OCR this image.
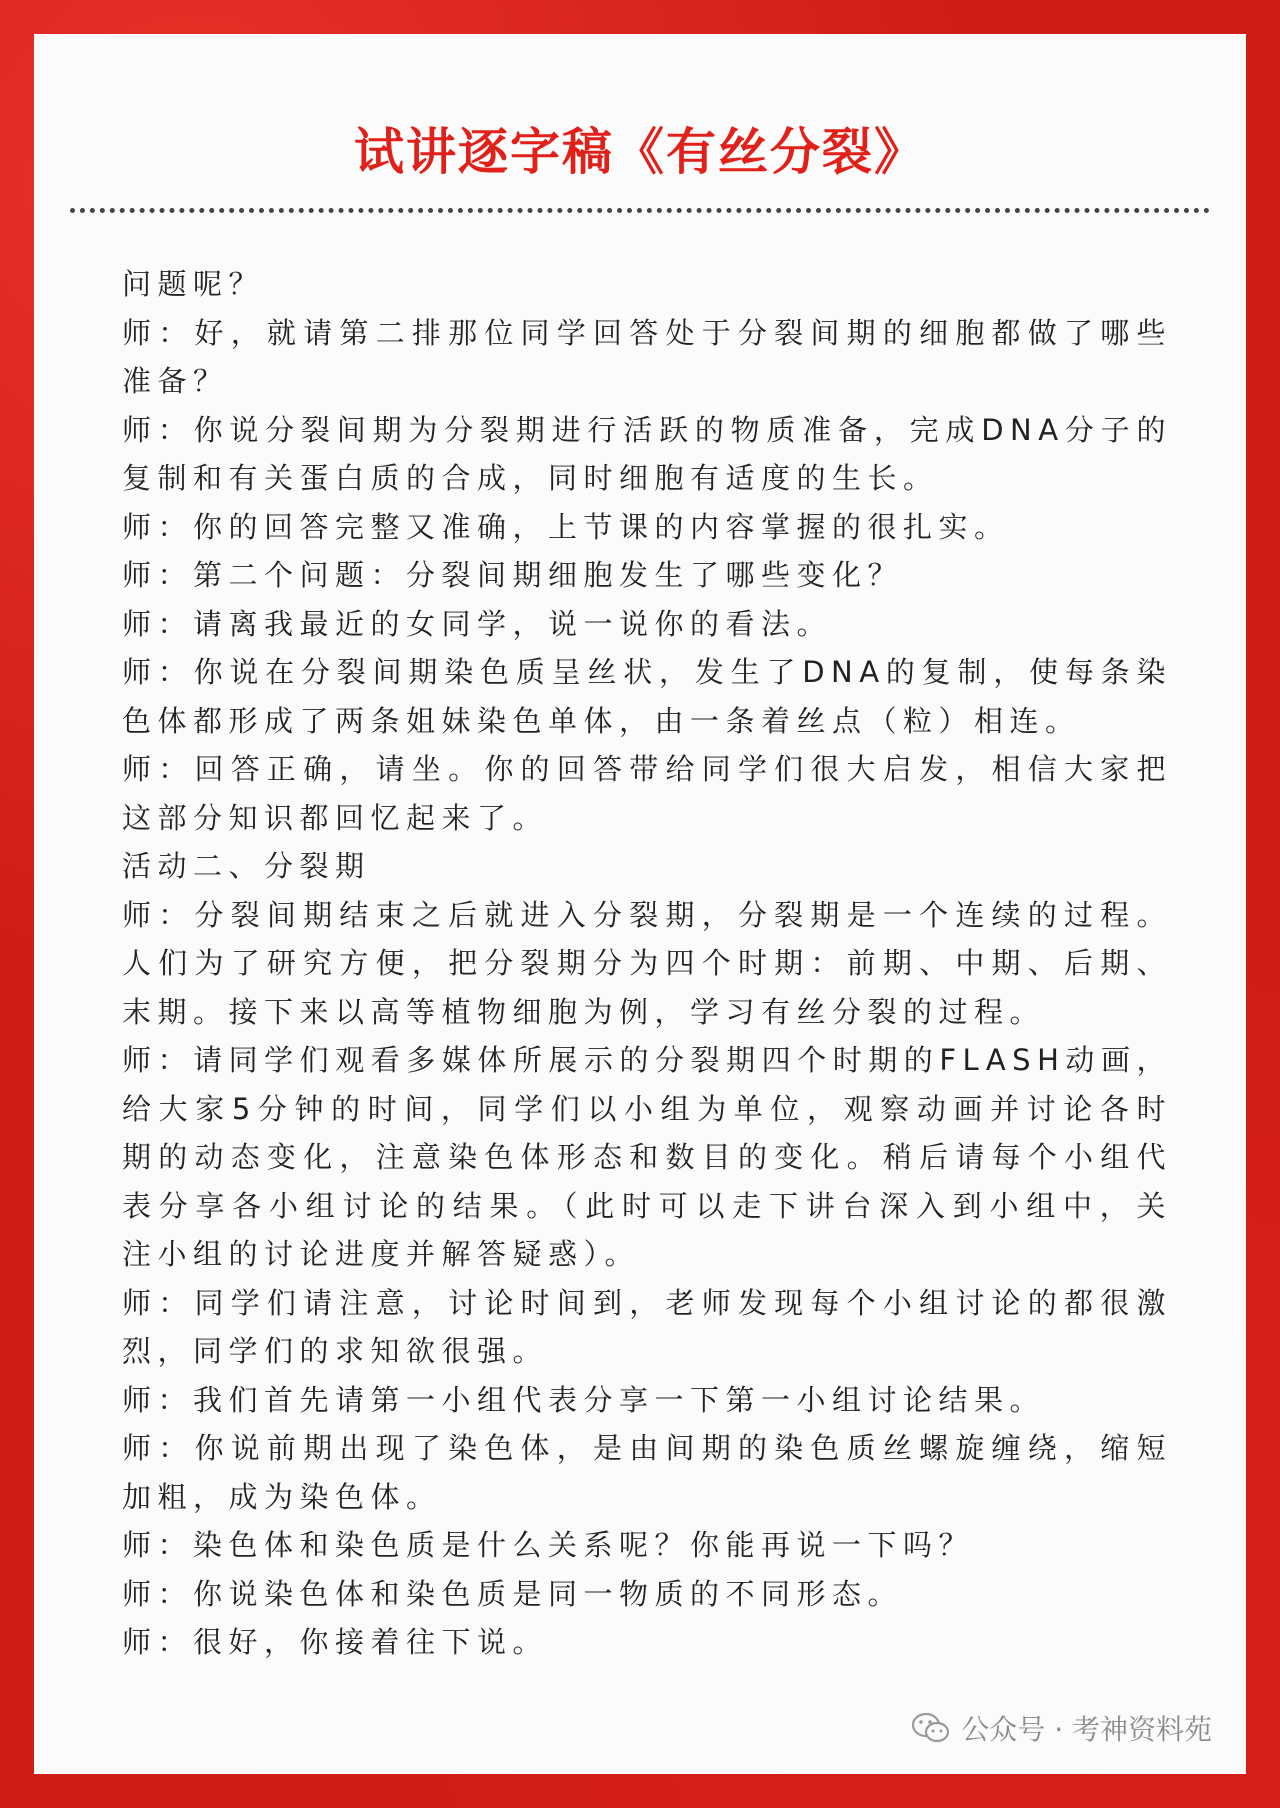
试讲逐字稿《有丝分裂》

问题呢？

师：好，就请第二排那位同学回答处于分裂间期的细胞都做了哪些准备？

师：你说分裂间期为分裂期进行活跃的物质准备，完成DNA分子的复制和有关蛋白质的合成，同时细胞有适度的生长。

师：你的回答完整又准确，上节课的内容掌握的很扎实。

师：第二个问题：分裂间期细胞发生了哪些变化？

师：请离我最近的女同学，说一说你的看法。

师：你说在分裂间期染色质呈丝状，发生了DNA的复制，使每条染色体都形成了两条姐妹染色单体，由一条着丝点（粒）相连。

师：回答正确，请坐。你的回答带给同学们很大启发，相信大家把这部分知识都回忆起来了。

活动二、分裂期

师：分裂间期结束之后就进入分裂期，分裂期是一个连续的过程。人们为了研究方便，把分裂期分为四个时期：前期、中期、后期、末期。接下来以高等植物细胞为例，学习有丝分裂的过程。

师：请同学们观看多媒体所展示的分裂期四个时期的FLASH动画，给大家5分钟的时间，同学们以小组为单位，观察动画并讨论各时期的动态变化，注意染色体形态和数目的变化。稍后请每个小组代表分享各小组讨论的结果。（此时可以走下讲台深入到小组中，关注小组的讨论进度并解答疑惑）。

师：同学们请注意，讨论时间到，老师发现每个小组讨论的都很激烈，同学们的求知欲很强。

师：我们首先请第一小组代表分享一下第一小组讨论结果。

师：你说前期出现了染色体，是由间期的染色质丝螺旋缠绕，缩短加粗，成为染色体。

师：染色体和染色质是什么关系呢？你能再说一下吗？

师：你说染色体和染色质是同一物质的不同形态。

师：很好，你接着往下说。

公众号 · 考神资料苑
